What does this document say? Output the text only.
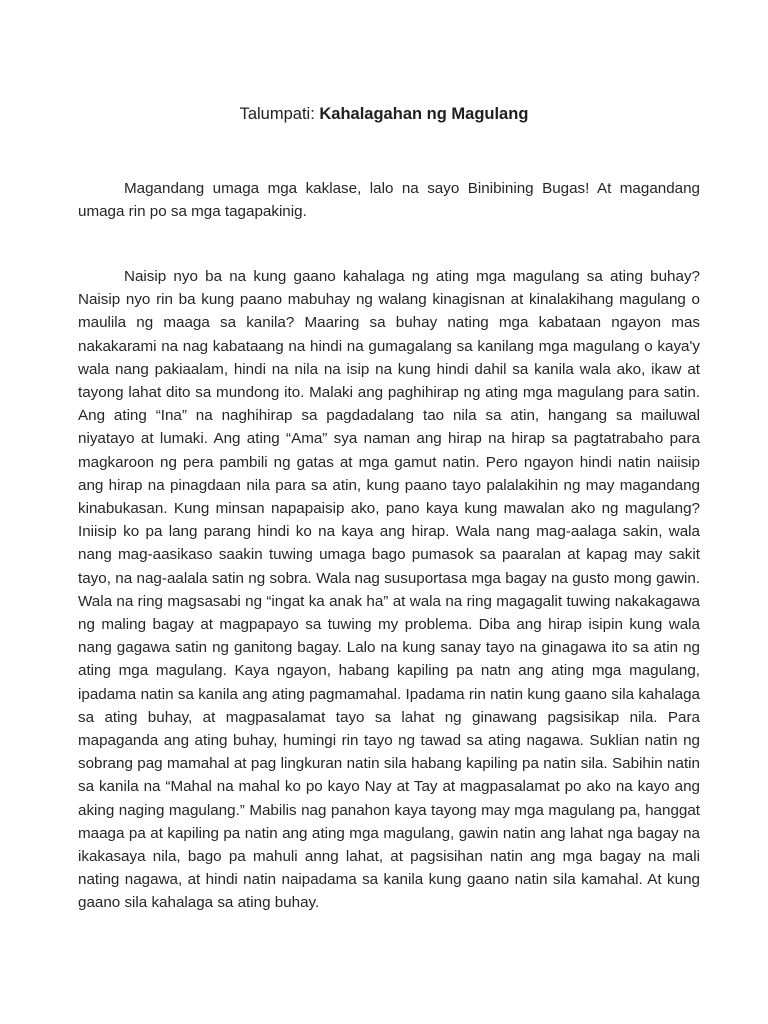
Talumpati: Kahalagahan ng Magulang

Magandang umaga mga kaklase, lalo na sayo Binibining Bugas! At magandang umaga rin po sa mga tagapakinig.

Naisip nyo ba na kung gaano kahalaga ng ating mga magulang sa ating buhay? Naisip nyo rin ba kung paano mabuhay ng walang kinagisnan at kinalakihang magulang o maulila ng maaga sa kanila? Maaring sa buhay nating mga kabataan ngayon mas nakakarami na nag kabataang na hindi na gumagalang sa kanilang mga magulang o kaya'y wala nang pakiaalam, hindi na nila na isip na kung hindi dahil sa kanila wala ako, ikaw at tayong lahat dito sa mundong ito. Malaki ang paghihirap ng ating mga magulang para satin. Ang ating “Ina” na naghihirap sa pagdadalang tao nila sa atin, hangang sa mailuwal niyatayo at lumaki. Ang ating “Ama” sya naman ang hirap na hirap sa pagtatrabaho para magkaroon ng pera pambili ng gatas at mga gamut natin. Pero ngayon hindi natin naiisip ang hirap na pinagdaan nila para sa atin, kung paano tayo palalakihin ng may magandang kinabukasan. Kung minsan napapaisip ako, pano kaya kung mawalan ako ng magulang? Iniisip ko pa lang parang hindi ko na kaya ang hirap. Wala nang mag-aalaga sakin, wala nang mag-aasikaso saakin tuwing umaga bago pumasok sa paaralan at kapag may sakit tayo, na nag-aalala satin ng sobra. Wala nag susuportasa mga bagay na gusto mong gawin. Wala na ring magsasabi ng “ingat ka anak ha” at wala na ring magagalit tuwing nakakagawa ng maling bagay at magpapayo sa tuwing my problema. Diba ang hirap isipin kung wala nang gagawa satin ng ganitong bagay. Lalo na kung sanay tayo na ginagawa ito sa atin ng ating mga magulang. Kaya ngayon, habang kapiling pa natn ang ating mga magulang, ipadama natin sa kanila ang ating pagmamahal. Ipadama rin natin kung gaano sila kahalaga sa ating buhay, at magpasalamat tayo sa lahat ng ginawang pagsisikap nila. Para mapaganda ang ating buhay, humingi rin tayo ng tawad sa ating nagawa. Suklian natin ng sobrang pag mamahal at pag lingkuran natin sila habang kapiling pa natin sila. Sabihin natin sa kanila na “Mahal na mahal ko po kayo Nay at Tay at magpasalamat po ako na kayo ang aking naging magulang.” Mabilis nag panahon kaya tayong may mga magulang pa, hanggat maaga pa at kapiling pa natin ang ating mga magulang, gawin natin ang lahat nga bagay na ikakasaya nila, bago pa mahuli anng lahat, at pagsisihan natin ang mga bagay na mali nating nagawa, at hindi natin naipadama sa kanila kung gaano natin sila kamahal. At kung gaano sila kahalaga sa ating buhay.
